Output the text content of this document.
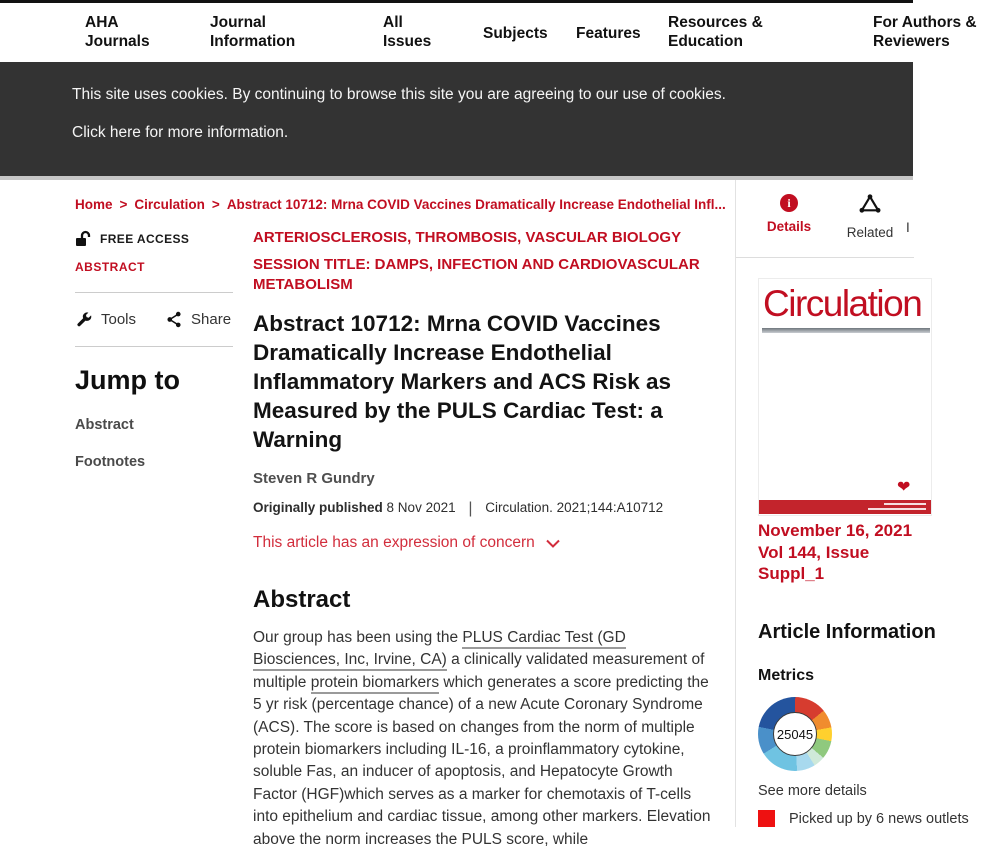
AHA Journals
Journal Information
All Issues	Subjects Features
Resources & Education
For Authors & Reviewers
This site uses cookies. By continuing to browse this site you are agreeing to our use of cookies.
Click here for more information.
Home > Circulation > Abstract 10712: Mrna COVID Vaccines Dramatically Increase Endothelial Infl...
FREE ACCESS
ABSTRACT
Tools	Share
Jump to
Abstract
Footnotes
ARTERIOSCLEROSIS, THROMBOSIS, VASCULAR BIOLOGY
SESSION TITLE: DAMPS, INFECTION AND CARDIOVASCULAR METABOLISM
Abstract 10712: Mrna COVID Vaccines Dramatically Increase Endothelial Inflammatory Markers and ACS Risk as Measured by the PULS Cardiac Test: a Warning
Steven R Gundry
Originally published 8 Nov 2021 | Circulation. 2021;144:A10712
This article has an expression of concern
Abstract

Our group has been using the PLUS Cardiac Test (GD Biosciences, Inc, Irvine, CA) a clinically validated measurement of multiple protein biomarkers which generates a score predicting the 5 yr risk (percentage chance) of a new Acute Coronary Syndrome (ACS). The score is based on changes from the norm of multiple protein biomarkers including IL-16, a proinflammatory cytokine, soluble Fas, an inducer of apoptosis, and Hepatocyte Growth Factor (HGF)which serves as a marker for chemotaxis of T-cells into epithelium and cardiac tissue, among other markers. Elevation above the norm increases the PULS score, while

i
Details	Related I
Circulation
❤
November 16, 2021
Vol 144, Issue
Suppl_1
Article Information
Metrics
25045
See more details
Picked up by 6 news outlets
